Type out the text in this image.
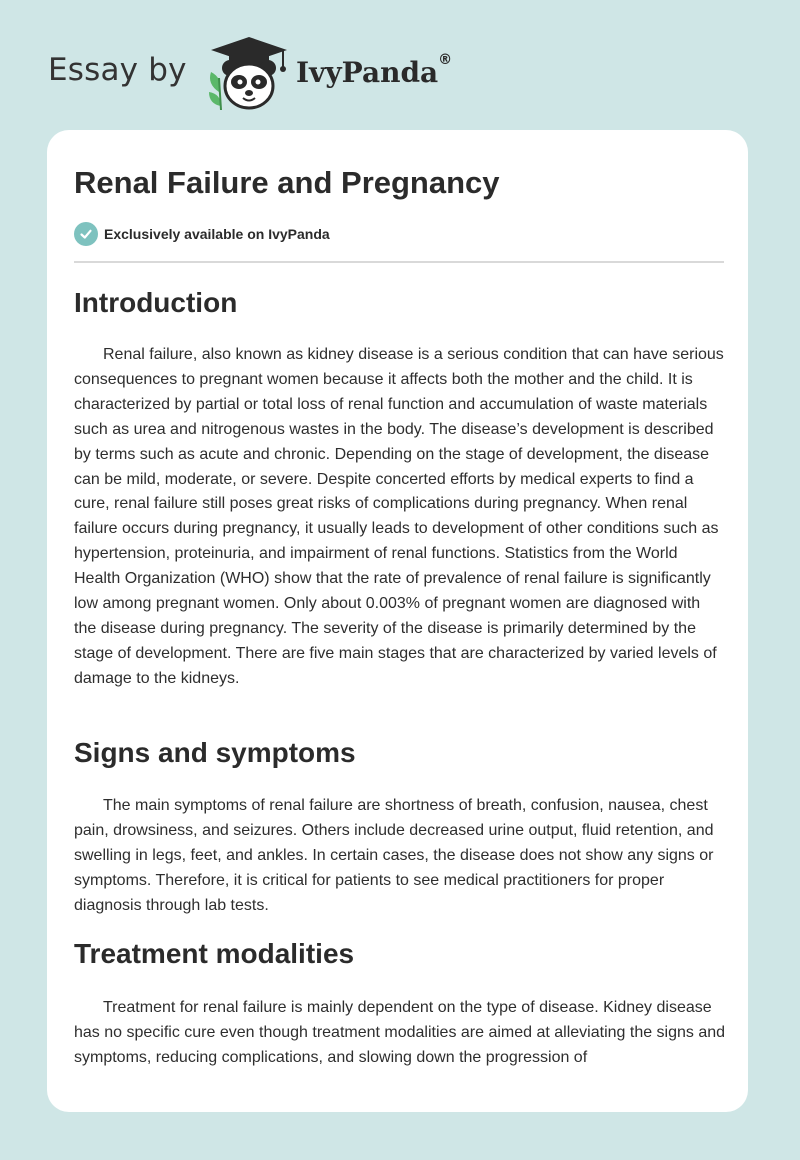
Essay by	IvyPanda®
Renal Failure and Pregnancy
Exclusively available on IvyPanda
Introduction

Renal failure, also known as kidney disease is a serious condition that can have serious consequences to pregnant women because it affects both the mother and the child. It is characterized by partial or total loss of renal function and accumulation of waste materials such as urea and nitrogenous wastes in the body. The disease’s development is described by terms such as acute and chronic. Depending on the stage of development, the disease can be mild, moderate, or severe. Despite concerted efforts by medical experts to find a cure, renal failure still poses great risks of complications during pregnancy. When renal failure occurs during pregnancy, it usually leads to development of other conditions such as hypertension, proteinuria, and impairment of renal functions. Statistics from the World Health Organization (WHO) show that the rate of prevalence of renal failure is significantly low among pregnant women. Only about 0.003% of pregnant women are diagnosed with the disease during pregnancy. The severity of the disease is primarily determined by the stage of development. There are five main stages that are characterized by varied levels of damage to the kidneys.

Signs and symptoms

The main symptoms of renal failure are shortness of breath, confusion, nausea, chest pain, drowsiness, and seizures. Others include decreased urine output, fluid retention, and swelling in legs, feet, and ankles. In certain cases, the disease does not show any signs or symptoms. Therefore, it is critical for patients to see medical practitioners for proper diagnosis through lab tests.

Treatment modalities

Treatment for renal failure is mainly dependent on the type of disease. Kidney disease has no specific cure even though treatment modalities are aimed at alleviating the signs and symptoms, reducing complications, and slowing down the progression of
